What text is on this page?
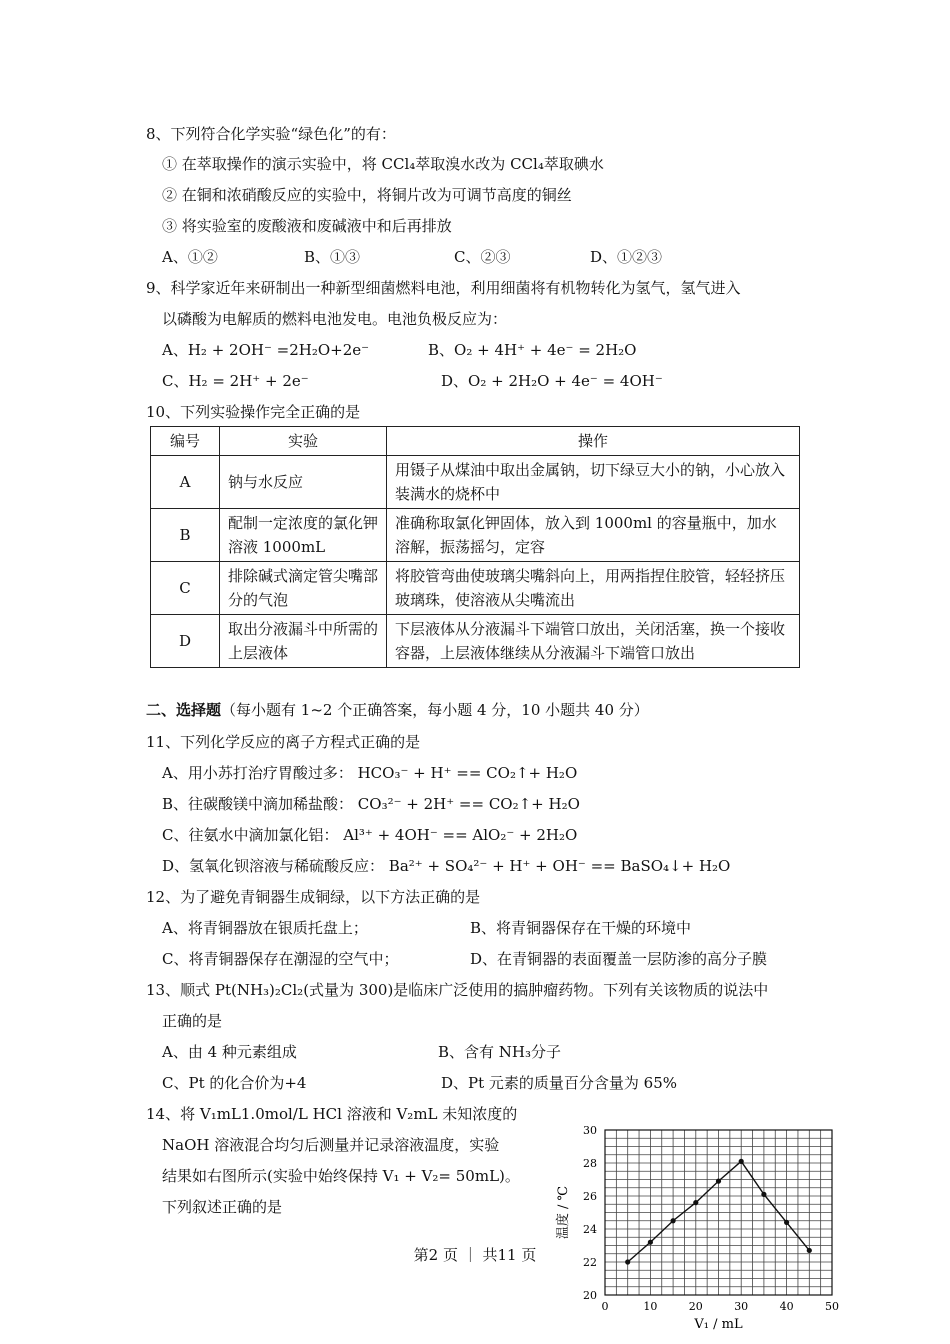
8、下列符合化学实验“绿色化”的有：
① 在萃取操作的演示实验中，将 CCl₄萃取溴水改为 CCl₄萃取碘水
② 在铜和浓硝酸反应的实验中，将铜片改为可调节高度的铜丝
③ 将实验室的废酸液和废碱液中和后再排放
A、①②	B、①③	C、②③	D、①②③
9、科学家近年来研制出一种新型细菌燃料电池，利用细菌将有机物转化为氢气，氢气进入
以磷酸为电解质的燃料电池发电。电池负极反应为：
A、H₂ + 2OH⁻ =2H₂O+2e⁻	B、O₂ + 4H⁺ + 4e⁻ = 2H₂O
C、H₂ = 2H⁺ + 2e⁻	D、O₂ + 2H₂O + 4e⁻ = 4OH⁻
10、下列实验操作完全正确的是
编号	实验	操作
A	钠与水反应	用镊子从煤油中取出金属钠，切下绿豆大小的钠，小心放入装满水的烧杯中
B	配制一定浓度的氯化钾溶液 1000mL	准确称取氯化钾固体，放入到 1000ml 的容量瓶中，加水溶解，振荡摇匀，定容
C	排除碱式滴定管尖嘴部分的气泡	将胶管弯曲使玻璃尖嘴斜向上，用两指捏住胶管，轻轻挤压玻璃珠，使溶液从尖嘴流出
D	取出分液漏斗中所需的上层液体	下层液体从分液漏斗下端管口放出，关闭活塞，换一个接收容器，上层液体继续从分液漏斗下端管口放出
二、选择题（每小题有 1~2 个正确答案，每小题 4 分，10 小题共 40 分）
11、下列化学反应的离子方程式正确的是
A、用小苏打治疗胃酸过多： HCO₃⁻ + H⁺ == CO₂↑+ H₂O
B、往碳酸镁中滴加稀盐酸： CO₃²⁻ + 2H⁺ == CO₂↑+ H₂O
C、往氨水中滴加氯化铝： Al³⁺ + 4OH⁻ == AlO₂⁻ + 2H₂O
D、氢氧化钡溶液与稀硫酸反应： Ba²⁺ + SO₄²⁻ + H⁺ + OH⁻ == BaSO₄↓+ H₂O
12、为了避免青铜器生成铜绿，以下方法正确的是
A、将青铜器放在银质托盘上；	B、将青铜器保存在干燥的环境中
C、将青铜器保存在潮湿的空气中；	D、在青铜器的表面覆盖一层防渗的高分子膜
13、顺式 Pt(NH₃)₂Cl₂(式量为 300)是临床广泛使用的搞肿瘤药物。下列有关该物质的说法中
正确的是
A、由 4 种元素组成	B、含有 NH₃分子
C、Pt 的化合价为+4	D、Pt 元素的质量百分含量为 65%
14、将 V₁mL1.0mol/L HCl 溶液和 V₂mL 未知浓度的
NaOH 溶液混合均匀后测量并记录溶液温度，实验
结果如右图所示(实验中始终保持 V₁ + V₂= 50mL)。
下列叙述正确的是
0	10	20	30	40	50
20
22
24
26
28
30
V₁ / mL
温度 / ℃
第2 页 ｜ 共11 页
